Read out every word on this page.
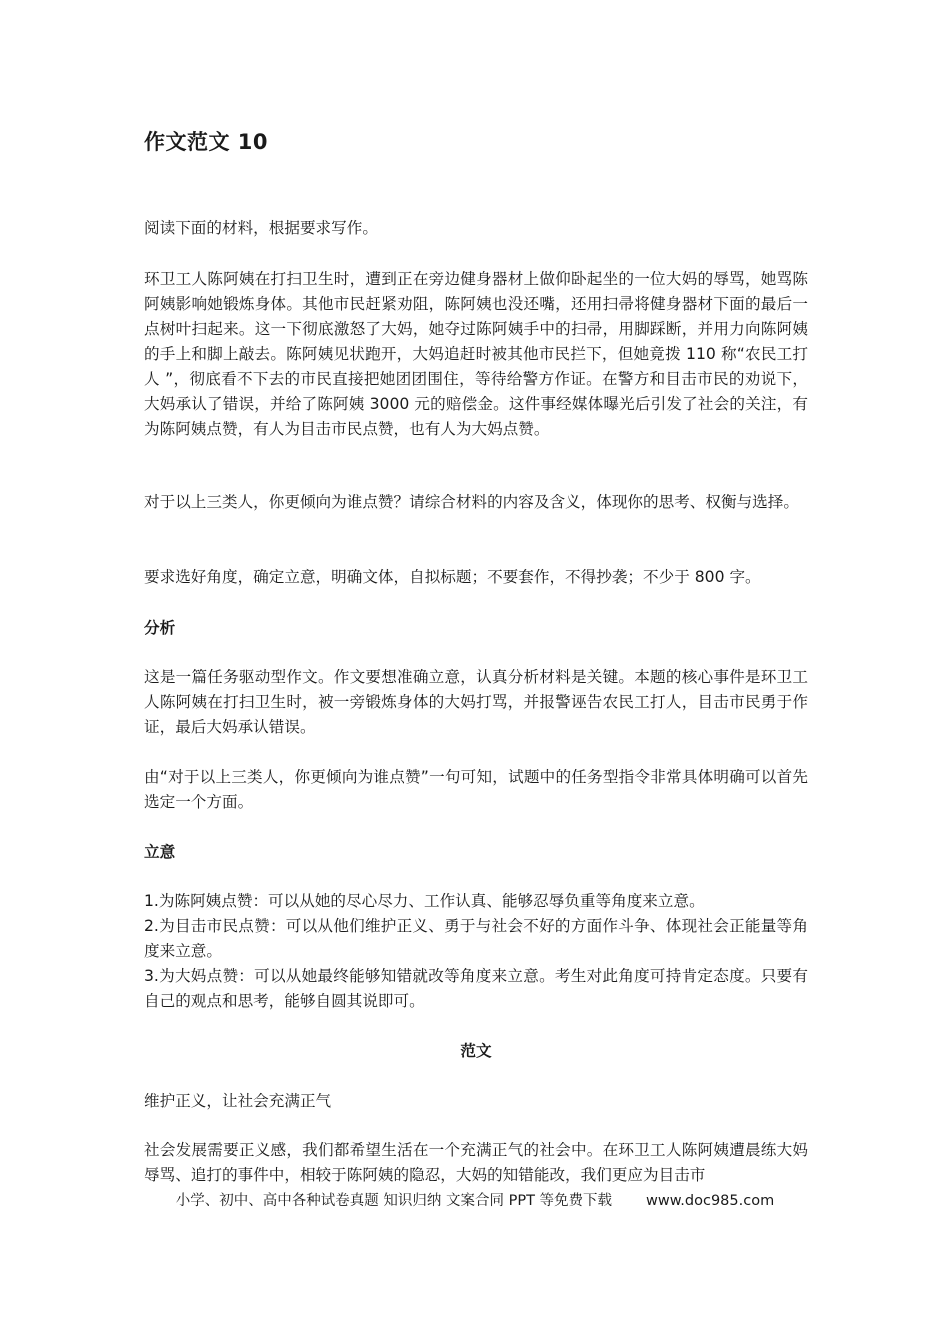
作文范文 10

阅读下面的材料，根据要求写作。

环卫工人陈阿姨在打扫卫生时，遭到正在旁边健身器材上做仰卧起坐的一位大妈的辱骂，她骂陈阿姨影响她锻炼身体。其他市民赶紧劝阻，陈阿姨也没还嘴，还用扫帚将健身器材下面的最后一点树叶扫起来。这一下彻底激怒了大妈，她夺过陈阿姨手中的扫帚，用脚踩断，并用力向陈阿姨的手上和脚上敲去。陈阿姨见状跑开，大妈追赶时被其他市民拦下，但她竟拨 110 称“农民工打人 ”，彻底看不下去的市民直接把她团团围住，等待给警方作证。在警方和目击市民的劝说下，大妈承认了错误，并给了陈阿姨 3000 元的赔偿金。这件事经媒体曝光后引发了社会的关注，有为陈阿姨点赞，有人为目击市民点赞，也有人为大妈点赞。

对于以上三类人，你更倾向为谁点赞？请综合材料的内容及含义，体现你的思考、权衡与选择。

要求选好角度，确定立意，明确文体，自拟标题；不要套作，不得抄袭；不少于 800 字。

分析

这是一篇任务驱动型作文。作文要想准确立意，认真分析材料是关键。本题的核心事件是环卫工人陈阿姨在打扫卫生时，被一旁锻炼身体的大妈打骂，并报警诬告农民工打人，目击市民勇于作证，最后大妈承认错误。

由“对于以上三类人，你更倾向为谁点赞”一句可知，试题中的任务型指令非常具体明确可以首先选定一个方面。

立意
1.为陈阿姨点赞：可以从她的尽心尽力、工作认真、能够忍辱负重等角度来立意。
2.为目击市民点赞：可以从他们维护正义、勇于与社会不好的方面作斗争、体现社会正能量等角度来立意。
3.为大妈点赞：可以从她最终能够知错就改等角度来立意。考生对此角度可持肯定态度。只要有自己的观点和思考，能够自圆其说即可。
范文

维护正义，让社会充满正气

社会发展需要正义感，我们都希望生活在一个充满正气的社会中。在环卫工人陈阿姨遭晨练大妈辱骂、追打的事件中，相较于陈阿姨的隐忍，大妈的知错能改，我们更应为目击市

小学、初中、高中各种试卷真题 知识归纳 文案合同 PPT 等免费下载 www.doc985.com
